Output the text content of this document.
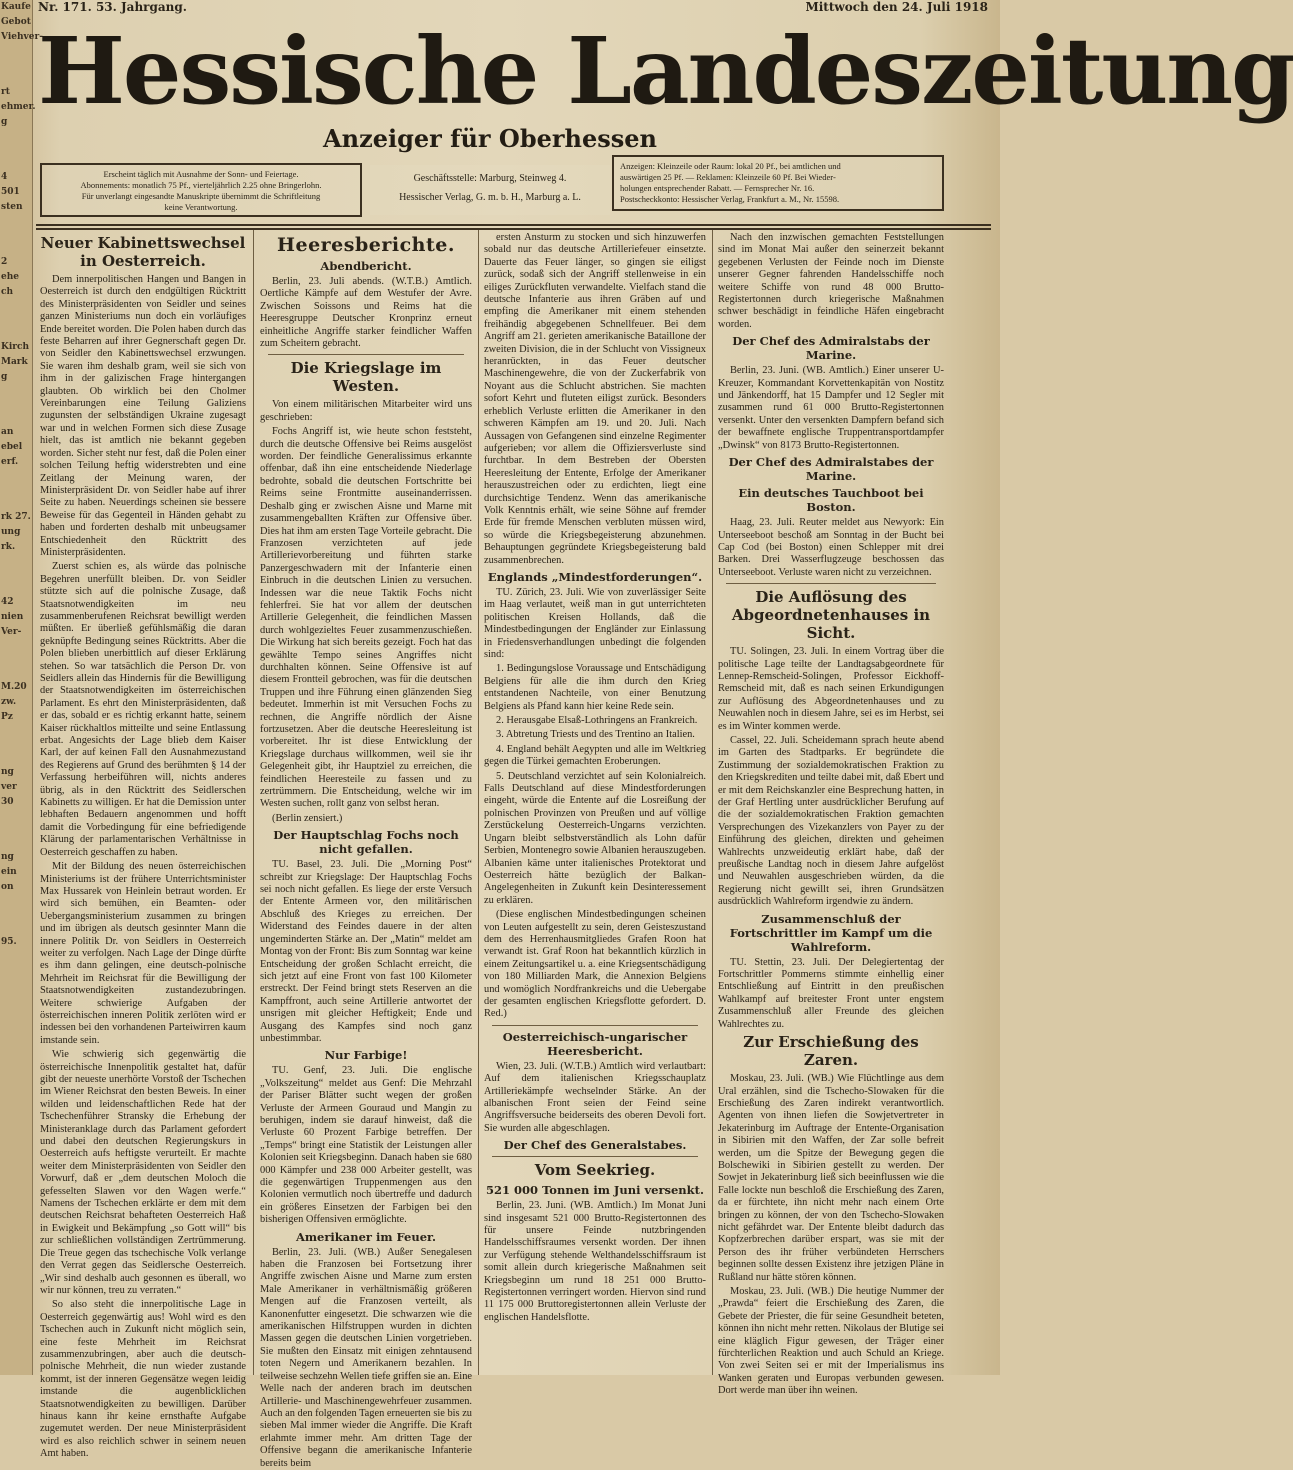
Kaufe
Gebot
Viehver-
rt
ehmer.
g
4
501
sten
2
ehe
ch
Kirch
Mark
g
an
ebel
erf.
rk 27.
ung
rk.
42
nien
Ver-
M.20
zw.
Pz
ng
ver
30
ng
ein
on
95.
Nr. 171. 53. Jahrgang.	Mittwoch den 24. Juli 1918
Hessische Landeszeitung
Anzeiger für Oberhessen

Erscheint täglich mit Ausnahme der Sonn- und Feiertage.

Abonnements: monatlich 75 Pf., vierteljährlich 2.25 ohne Bringerlohn.

Für unverlangt eingesandte Manuskripte übernimmt die Schriftleitung

keine Verantwortung.

Geschäftsstelle: Marburg, Steinweg 4.

Hessischer Verlag, G. m. b. H., Marburg a. L.

Anzeigen: Kleinzeile oder Raum: lokal 20 Pf., bei amtlichen und

auswärtigen 25 Pf. — Reklamen: Kleinzeile 60 Pf. Bei Wieder-

holungen entsprechender Rabatt. — Fernsprecher Nr. 16.

Postscheckkonto: Hessischer Verlag, Frankfurt a. M., Nr. 15598.

Neuer Kabinettswechsel in Oesterreich.

Dem innerpolitischen Hangen und Bangen in Oesterreich ist durch den endgültigen Rücktritt des Ministerpräsidenten von Seidler und seines ganzen Ministeriums nun doch ein vorläufiges Ende bereitet worden. Die Polen haben durch das feste Beharren auf ihrer Gegnerschaft gegen Dr. von Seidler den Kabinettswechsel erzwungen. Sie waren ihm deshalb gram, weil sie sich von ihm in der galizischen Frage hintergangen glaubten. Ob wirklich bei den Cholmer Vereinbarungen eine Teilung Galiziens zugunsten der selbständigen Ukraine zugesagt war und in welchen Formen sich diese Zusage hielt, das ist amtlich nie bekannt gegeben worden. Sicher steht nur fest, daß die Polen einer solchen Teilung heftig widerstrebten und eine Zeitlang der Meinung waren, der Ministerpräsident Dr. von Seidler habe auf ihrer Seite zu haben. Neuerdings scheinen sie bessere Beweise für das Gegenteil in Händen gehabt zu haben und forderten deshalb mit unbeugsamer Entschiedenheit den Rücktritt des Ministerpräsidenten.

Zuerst schien es, als würde das polnische Begehren unerfüllt bleiben. Dr. von Seidler stützte sich auf die polnische Zusage, daß Staatsnotwendigkeiten im neu zusammenberufenen Reichsrat bewilligt werden müßten. Er überließ gefühlsmäßig die daran geknüpfte Bedingung seines Rücktritts. Aber die Polen blieben unerbittlich auf dieser Erklärung stehen. So war tatsächlich die Person Dr. von Seidlers allein das Hindernis für die Bewilligung der Staatsnotwendigkeiten im österreichischen Parlament. Es ehrt den Ministerpräsidenten, daß er das, sobald er es richtig erkannt hatte, seinem Kaiser rückhaltlos mitteilte und seine Entlassung erbat. Angesichts der Lage blieb dem Kaiser Karl, der auf keinen Fall den Ausnahmezustand des Regierens auf Grund des berühmten § 14 der Verfassung herbeiführen will, nichts anderes übrig, als in den Rücktritt des Seidlerschen Kabinetts zu willigen. Er hat die Demission unter lebhaften Bedauern angenommen und hofft damit die Vorbedingung für eine befriedigende Klärung der parlamentarischen Verhältnisse in Oesterreich geschaffen zu haben.

Mit der Bildung des neuen österreichischen Ministeriums ist der frühere Unterrichtsminister Max Hussarek von Heinlein betraut worden. Er wird sich bemühen, ein Beamten- oder Uebergangsministerium zusammen zu bringen und im übrigen als deutsch gesinnter Mann die innere Politik Dr. von Seidlers in Oesterreich weiter zu verfolgen. Nach Lage der Dinge dürfte es ihm dann gelingen, eine deutsch-polnische Mehrheit im Reichsrat für die Bewilligung der Staatsnotwendigkeiten zustandezubringen. Weitere schwierige Aufgaben der österreichischen inneren Politik zerlöten wird er indessen bei den vorhandenen Parteiwirren kaum imstande sein.

Wie schwierig sich gegenwärtig die österreichische Innenpolitik gestaltet hat, dafür gibt der neueste unerhörte Vorstoß der Tschechen im Wiener Reichsrat den besten Beweis. In einer wilden und leidenschaftlichen Rede hat der Tschechenführer Stransky die Erhebung der Ministeranklage durch das Parlament gefordert und dabei den deutschen Regierungskurs in Oesterreich aufs heftigste verurteilt. Er machte weiter dem Ministerpräsidenten von Seidler den Vorwurf, daß er „dem deutschen Moloch die gefesselten Slawen vor den Wagen werfe.“ Namens der Tschechen erklärte er dem mit dem deutschen Reichsrat behafteten Oesterreich Haß in Ewigkeit und Bekämpfung „so Gott will“ bis zur schließlichen vollständigen Zertrümmerung. Die Treue gegen das tschechische Volk verlange den Verrat gegen das Seidlersche Oesterreich. „Wir sind deshalb auch gesonnen es überall, wo wir nur können, treu zu verraten.“

So also steht die innerpolitische Lage in Oesterreich gegenwärtig aus! Wohl wird es den Tschechen auch in Zukunft nicht möglich sein, eine feste Mehrheit im Reichsrat zusammenzubringen, aber auch die deutsch-polnische Mehrheit, die nun wieder zustande kommt, ist der inneren Gegensätze wegen leidig imstande die augenblicklichen Staatsnotwendigkeiten zu bewilligen. Darüber hinaus kann ihr keine ernsthafte Aufgabe zugemutet werden. Der neue Ministerpräsident wird es also reichlich schwer in seinem neuen Amt haben.

Heeresberichte.
Abendbericht.

Berlin, 23. Juli abends. (W.T.B.) Amtlich. Oertliche Kämpfe auf dem Westufer der Avre. Zwischen Soissons und Reims hat die Heeresgruppe Deutscher Kronprinz erneut einheitliche Angriffe starker feindlicher Waffen zum Scheitern gebracht.

Die Kriegslage im Westen.

Von einem militärischen Mitarbeiter wird uns geschrieben:

Fochs Angriff ist, wie heute schon feststeht, durch die deutsche Offensive bei Reims ausgelöst worden. Der feindliche Generalissimus erkannte offenbar, daß ihn eine entscheidende Niederlage bedrohte, sobald die deutschen Fortschritte bei Reims seine Frontmitte auseinanderrissen. Deshalb ging er zwischen Aisne und Marne mit zusammengeballten Kräften zur Offensive über. Dies hat ihm am ersten Tage Vorteile gebracht. Die Franzosen verzichteten auf jede Artillerievorbereitung und führten starke Panzergeschwadern mit der Infanterie einen Einbruch in die deutschen Linien zu versuchen. Indessen war die neue Taktik Fochs nicht fehlerfrei. Sie hat vor allem der deutschen Artillerie Gelegenheit, die feindlichen Massen durch wohlgezieltes Feuer zusammenzuschießen. Die Wirkung hat sich bereits gezeigt. Foch hat das gewählte Tempo seines Angriffes nicht durchhalten können. Seine Offensive ist auf diesem Frontteil gebrochen, was für die deutschen Truppen und ihre Führung einen glänzenden Sieg bedeutet. Immerhin ist mit Versuchen Fochs zu rechnen, die Angriffe nördlich der Aisne fortzusetzen. Aber die deutsche Heeresleitung ist vorbereitet. Ihr ist diese Entwicklung der Kriegslage durchaus willkommen, weil sie ihr Gelegenheit gibt, ihr Hauptziel zu erreichen, die feindlichen Heeresteile zu fassen und zu zertrümmern. Die Entscheidung, welche wir im Westen suchen, rollt ganz von selbst heran.

(Berlin zensiert.)

Der Hauptschlag Fochs noch nicht gefallen.

TU. Basel, 23. Juli. Die „Morning Post“ schreibt zur Kriegslage: Der Hauptschlag Fochs sei noch nicht gefallen. Es liege der erste Versuch der Entente Armeen vor, den militärischen Abschluß des Krieges zu erreichen. Der Widerstand des Feindes dauere in der alten ungeminderten Stärke an. Der „Matin“ meldet am Montag von der Front: Bis zum Sonntag war keine Entscheidung der großen Schlacht erreicht, die sich jetzt auf eine Front von fast 100 Kilometer erstreckt. Der Feind bringt stets Reserven an die Kampffront, auch seine Artillerie antwortet der unsrigen mit gleicher Heftigkeit; Ende und Ausgang des Kampfes sind noch ganz unbestimmbar.

Nur Farbige!

TU. Genf, 23. Juli. Die englische „Volkszeitung“ meldet aus Genf: Die Mehrzahl der Pariser Blätter sucht wegen der großen Verluste der Armeen Gouraud und Mangin zu beruhigen, indem sie darauf hinweist, daß die Verluste 60 Prozent Farbige betreffen. Der „Temps“ bringt eine Statistik der Leistungen aller Kolonien seit Kriegsbeginn. Danach haben sie 680 000 Kämpfer und 238 000 Arbeiter gestellt, was die gegenwärtigen Truppenmengen aus den Kolonien vermutlich noch übertreffe und dadurch ein größeres Einsetzen der Farbigen bei den bisherigen Offensiven ermöglichte.

Amerikaner im Feuer.

Berlin, 23. Juli. (WB.) Außer Senegalesen haben die Franzosen bei Fortsetzung ihrer Angriffe zwischen Aisne und Marne zum ersten Male Amerikaner in verhältnismäßig größeren Mengen auf die Franzosen verteilt, als Kanonenfutter eingesetzt. Die schwarzen wie die amerikanischen Hilfstruppen wurden in dichten Massen gegen die deutschen Linien vorgetrieben. Sie mußten den Einsatz mit einigen zehntausend toten Negern und Amerikanern bezahlen. In teilweise sechzehn Wellen tiefe griffen sie an. Eine Welle nach der anderen brach im deutschen Artillerie- und Maschinengewehrfeuer zusammen. Auch an den folgenden Tagen erneuerten sie bis zu sieben Mal immer wieder die Angriffe. Die Kraft erlahmte immer mehr. Am dritten Tage der Offensive begann die amerikanische Infanterie bereits beim

ersten Ansturm zu stocken und sich hinzuwerfen sobald nur das deutsche Artilleriefeuer einsetzte. Dauerte das Feuer länger, so gingen sie eiligst zurück, sodaß sich der Angriff stellenweise in ein eiliges Zurückfluten verwandelte. Vielfach stand die deutsche Infanterie aus ihren Gräben auf und empfing die Amerikaner mit einem stehenden freihändig abgegebenen Schnellfeuer. Bei dem Angriff am 21. gerieten amerikanische Bataillone der zweiten Division, die in der Schlucht von Vissigneux heranrückten, in das Feuer deutscher Maschinengewehre, die von der Zuckerfabrik von Noyant aus die Schlucht abstrichen. Sie machten sofort Kehrt und fluteten eiligst zurück. Besonders erheblich Verluste erlitten die Amerikaner in den schweren Kämpfen am 19. und 20. Juli. Nach Aussagen von Gefangenen sind einzelne Regimenter aufgerieben; vor allem die Offiziersverluste sind furchtbar. In dem Bestreben der Obersten Heeresleitung der Entente, Erfolge der Amerikaner herauszustreichen oder zu erdichten, liegt eine durchsichtige Tendenz. Wenn das amerikanische Volk Kenntnis erhält, wie seine Söhne auf fremder Erde für fremde Menschen verbluten müssen wird, so würde die Kriegsbegeisterung abzunehmen. Behauptungen gegründete Kriegsbegeisterung bald zusammenbrechen.

Englands „Mindestforderungen“.

TU. Zürich, 23. Juli. Wie von zuverlässiger Seite im Haag verlautet, weiß man in gut unterrichteten politischen Kreisen Hollands, daß die Mindestbedingungen der Engländer zur Einlassung in Friedensverhandlungen unbedingt die folgenden sind:

1. Bedingungslose Voraussage und Entschädigung Belgiens für alle die ihm durch den Krieg entstandenen Nachteile, von einer Benutzung Belgiens als Pfand kann hier keine Rede sein.

2. Herausgabe Elsaß-Lothringens an Frankreich.

3. Abtretung Triests und des Trentino an Italien.

4. England behält Aegypten und alle im Weltkrieg gegen die Türkei gemachten Eroberungen.

5. Deutschland verzichtet auf sein Kolonialreich. Falls Deutschland auf diese Mindestforderungen eingeht, würde die Entente auf die Losreißung der polnischen Provinzen von Preußen und auf völlige Zerstückelung Oesterreich-Ungarns verzichten. Ungarn bleibt selbstverständlich als Lohn dafür Serbien, Montenegro sowie Albanien herauszugeben. Albanien käme unter italienisches Protektorat und Oesterreich hätte bezüglich der Balkan-Angelegenheiten in Zukunft kein Desinteressement zu erklären.

(Diese englischen Mindestbedingungen scheinen von Leuten aufgestellt zu sein, deren Geisteszustand dem des Herrenhausmitgliedes Grafen Roon hat verwandt ist. Graf Roon hat bekanntlich kürzlich in einem Zeitungsartikel u. a. eine Kriegsentschädigung von 180 Milliarden Mark, die Annexion Belgiens und womöglich Nordfrankreichs und die Uebergabe der gesamten englischen Kriegsflotte gefordert. D. Red.)

Oesterreichisch-ungarischer Heeresbericht.

Wien, 23. Juli. (W.T.B.) Amtlich wird verlautbart: Auf dem italienischen Kriegsschauplatz Artilleriekämpfe wechselnder Stärke. An der albanischen Front seien der Feind seine Angriffsversuche beiderseits des oberen Devoli fort. Sie wurden alle abgeschlagen.

Der Chef des Generalstabes.
Vom Seekrieg.
521 000 Tonnen im Juni versenkt.

Berlin, 23. Juni. (WB. Amtlich.) Im Monat Juni sind insgesamt 521 000 Brutto-Registertonnen des für unsere Feinde nutzbringenden Handelsschiffsraumes versenkt worden. Der ihnen zur Verfügung stehende Welthandelsschiffsraum ist somit allein durch kriegerische Maßnahmen seit Kriegsbeginn um rund 18 251 000 Brutto-Registertonnen verringert worden. Hiervon sind rund 11 175 000 Bruttoregistertonnen allein Verluste der englischen Handelsflotte.

Nach den inzwischen gemachten Feststellungen sind im Monat Mai außer den seinerzeit bekannt gegebenen Verlusten der Feinde noch im Dienste unserer Gegner fahrenden Handelsschiffe noch weitere Schiffe von rund 48 000 Brutto-Registertonnen durch kriegerische Maßnahmen schwer beschädigt in feindliche Häfen eingebracht worden.

Der Chef des Admiralstabs der Marine.

Berlin, 23. Juni. (WB. Amtlich.) Einer unserer U-Kreuzer, Kommandant Korvettenkapitän von Nostitz und Jänkendorff, hat 15 Dampfer und 12 Segler mit zusammen rund 61 000 Brutto-Registertonnen versenkt. Unter den versenkten Dampfern befand sich der bewaffnete englische Truppentransportdampfer „Dwinsk“ von 8173 Brutto-Registertonnen.

Der Chef des Admiralstabes der Marine.
Ein deutsches Tauchboot bei Boston.

Haag, 23. Juli. Reuter meldet aus Newyork: Ein Unterseeboot beschoß am Sonntag in der Bucht bei Cap Cod (bei Boston) einen Schlepper mit drei Barken. Drei Wasserflugzeuge beschossen das Unterseeboot. Verluste waren nicht zu verzeichnen.

Die Auflösung des Abgeordnetenhauses in Sicht.

TU. Solingen, 23. Juli. In einem Vortrag über die politische Lage teilte der Landtagsabgeordnete für Lennep-Remscheid-Solingen, Professor Eickhoff-Remscheid mit, daß es nach seinen Erkundigungen zur Auflösung des Abgeordnetenhauses und zu Neuwahlen noch in diesem Jahre, sei es im Herbst, sei es im Winter kommen werde.

Cassel, 22. Juli. Scheidemann sprach heute abend im Garten des Stadtparks. Er begründete die Zustimmung der sozialdemokratischen Fraktion zu den Kriegskrediten und teilte dabei mit, daß Ebert und er mit dem Reichskanzler eine Besprechung hatten, in der Graf Hertling unter ausdrücklicher Berufung auf die der sozialdemokratischen Fraktion gemachten Versprechungen des Vizekanzlers von Payer zu der Einführung des gleichen, direkten und geheimen Wahlrechts unzweideutig erklärt habe, daß der preußische Landtag noch in diesem Jahre aufgelöst und Neuwahlen ausgeschrieben würden, da die Regierung nicht gewillt sei, ihren Grundsätzen ausdrücklich Wahlreform irgendwie zu ändern.

Zusammenschluß der Fortschrittler im Kampf um die Wahlreform.

TU. Stettin, 23. Juli. Der Delegiertentag der Fortschrittler Pommerns stimmte einhellig einer Entschließung auf Eintritt in den preußischen Wahlkampf auf breitester Front unter engstem Zusammenschluß aller Freunde des gleichen Wahlrechtes zu.

Zur Erschießung des Zaren.

Moskau, 23. Juli. (WB.) Wie Flüchtlinge aus dem Ural erzählen, sind die Tschecho-Slowaken für die Erschießung des Zaren indirekt verantwortlich. Agenten von ihnen liefen die Sowjetvertreter in Jekaterinburg im Auftrage der Entente-Organisation in Sibirien mit den Waffen, der Zar solle befreit werden, um die Spitze der Bewegung gegen die Bolschewiki in Sibirien gestellt zu werden. Der Sowjet in Jekaterinburg ließ sich beeinflussen wie die Falle lockte nun beschloß die Erschießung des Zaren, da er fürchtete, ihn nicht mehr nach einem Orte bringen zu können, der von den Tschecho-Slowaken nicht gefährdet war. Der Entente bleibt dadurch das Kopfzerbrechen darüber erspart, was sie mit der Person des ihr früher verbündeten Herrschers beginnen sollte dessen Existenz ihre jetzigen Pläne in Rußland nur hätte stören können.

Moskau, 23. Juli. (WB.) Die heutige Nummer der „Prawda“ feiert die Erschießung des Zaren, die Gebete der Priester, die für seine Gesundheit beteten, können ihn nicht mehr retten. Nikolaus der Blutige sei eine kläglich Figur gewesen, der Träger einer fürchterlichen Reaktion und auch Schuld an Kriege. Von zwei Seiten sei er mit der Imperialismus ins Wanken geraten und Europas verbunden gewesen. Dort werde man über ihn weinen.
